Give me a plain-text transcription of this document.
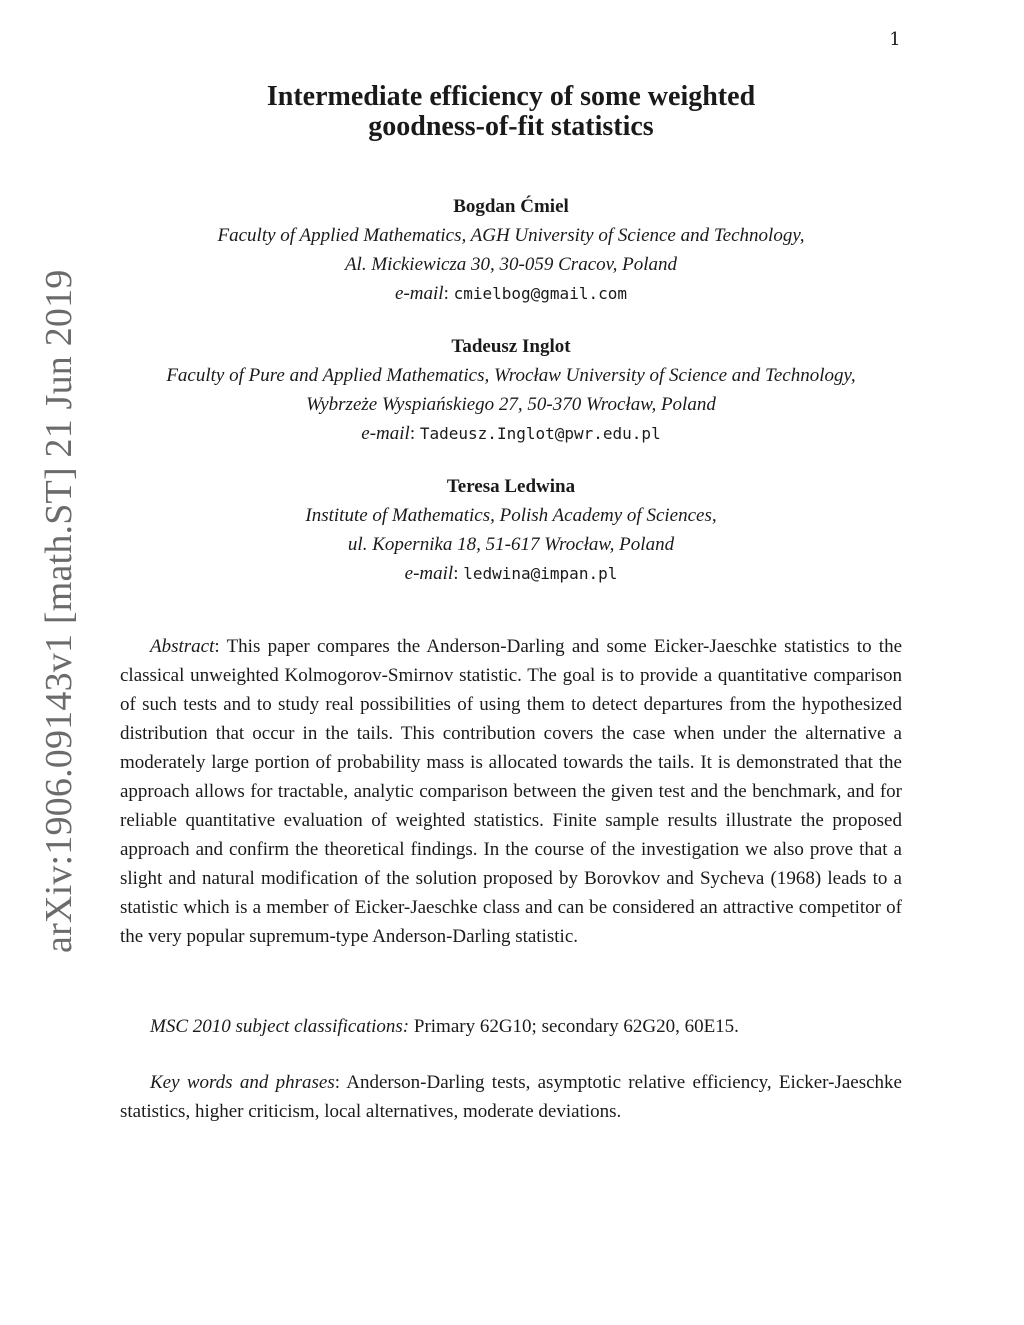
1
arXiv:1906.09143v1 [math.ST] 21 Jun 2019
Intermediate efficiency of some weighted
goodness-of-fit statistics
Bogdan Ćmiel
Faculty of Applied Mathematics, AGH University of Science and Technology,
Al. Mickiewicza 30, 30-059 Cracov, Poland
e-mail: cmielbog@gmail.com
Tadeusz Inglot
Faculty of Pure and Applied Mathematics, Wrocław University of Science and Technology,
Wybrzeże Wyspiańskiego 27, 50-370 Wrocław, Poland
e-mail: Tadeusz.Inglot@pwr.edu.pl
Teresa Ledwina
Institute of Mathematics, Polish Academy of Sciences,
ul. Kopernika 18, 51-617 Wrocław, Poland
e-mail: ledwina@impan.pl
Abstract: This paper compares the Anderson-Darling and some Eicker-Jaeschke statistics to the classical unweighted Kolmogorov-Smirnov statistic. The goal is to provide a quantitative comparison of such tests and to study real possibilities of using them to detect departures from the hypothesized distribution that occur in the tails. This contribution covers the case when under the alternative a moderately large portion of probability mass is allocated towards the tails. It is demonstrated that the approach allows for tractable, analytic comparison between the given test and the benchmark, and for reliable quantitative evaluation of weighted statistics. Finite sample results illustrate the proposed approach and confirm the theoretical findings. In the course of the investigation we also prove that a slight and natural modification of the solution proposed by Borovkov and Sycheva (1968) leads to a statistic which is a member of Eicker-Jaeschke class and can be considered an attractive competitor of the very popular supremum-type Anderson-Darling statistic.
MSC 2010 subject classifications: Primary 62G10; secondary 62G20, 60E15.
Key words and phrases: Anderson-Darling tests, asymptotic relative efficiency, Eicker-Jaeschke statistics, higher criticism, local alternatives, moderate deviations.
